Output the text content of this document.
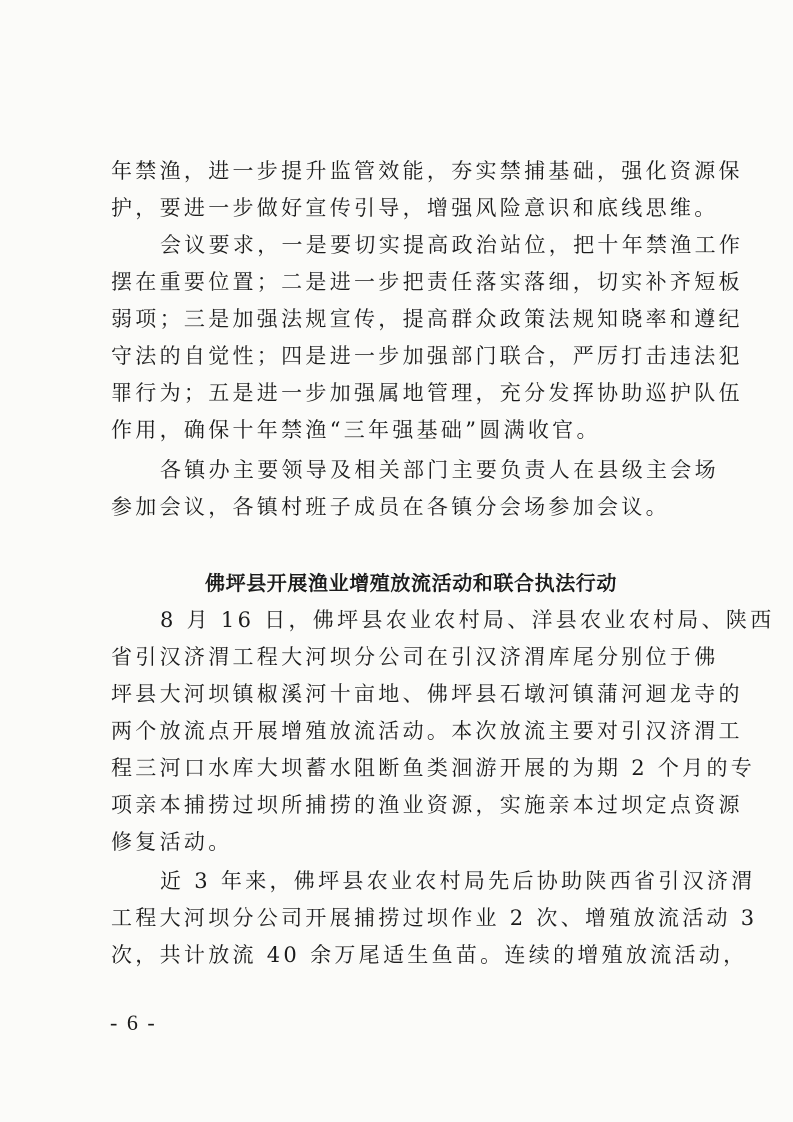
年禁渔，进一步提升监管效能，夯实禁捕基础，强化资源保
护，要进一步做好宣传引导，增强风险意识和底线思维。
会议要求，一是要切实提高政治站位，把十年禁渔工作
摆在重要位置；二是进一步把责任落实落细，切实补齐短板
弱项；三是加强法规宣传，提高群众政策法规知晓率和遵纪
守法的自觉性；四是进一步加强部门联合，严厉打击违法犯
罪行为；五是进一步加强属地管理，充分发挥协助巡护队伍
作用，确保十年禁渔“三年强基础”圆满收官。
各镇办主要领导及相关部门主要负责人在县级主会场
参加会议，各镇村班子成员在各镇分会场参加会议。
佛坪县开展渔业增殖放流活动和联合执法行动
8 月 16 日，佛坪县农业农村局、洋县农业农村局、陕西
省引汉济渭工程大河坝分公司在引汉济渭库尾分别位于佛
坪县大河坝镇椒溪河十亩地、佛坪县石墩河镇蒲河迴龙寺的
两个放流点开展增殖放流活动。本次放流主要对引汉济渭工
程三河口水库大坝蓄水阻断鱼类洄游开展的为期 2 个月的专
项亲本捕捞过坝所捕捞的渔业资源，实施亲本过坝定点资源
修复活动。
近 3 年来，佛坪县农业农村局先后协助陕西省引汉济渭
工程大河坝分公司开展捕捞过坝作业 2 次、增殖放流活动 3
次，共计放流 40 余万尾适生鱼苗。连续的增殖放流活动，
- 6 -
